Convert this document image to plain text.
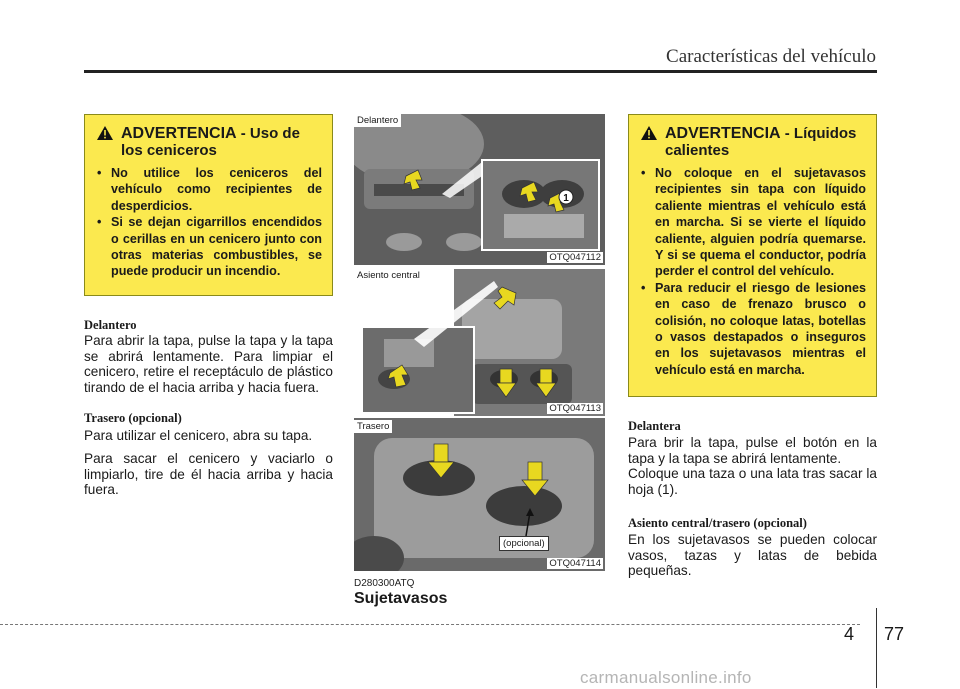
Características del vehículo
ADVERTENCIA - Uso de los ceniceros
• No utilice los ceniceros del vehículo como recipientes de desperdicios.
• Si se dejan cigarrillos encendidos o cerillas en un cenicero junto con otras materias combustibles, se puede producir un incendio.
Delantero
Para abrir la tapa, pulse la tapa y la tapa se abrirá lentamente. Para limpiar el cenicero, retire el receptáculo de plástico tirando de el hacia arriba y hacia fuera.
Trasero (opcional)
Para utilizar el cenicero, abra su tapa.
Para sacar el cenicero y vaciarlo o limpiarlo, tire de él hacia arriba y hacia fuera.
1
Delantero
OTQ047112
Asiento central
OTQ047113
Trasero
(opcional)
OTQ047114
D280300ATQ
Sujetavasos
ADVERTENCIA - Líquidos calientes
• No coloque en el sujetavasos recipientes sin tapa con líquido caliente mientras el vehículo está en marcha. Si se vierte el líquido caliente, alguien podría quemarse. Y si se quema el conductor, podría perder el control del vehículo.
• Para reducir el riesgo de lesiones en caso de frenazo brusco o colisión, no coloque latas, botellas o vasos destapados o inseguros en los sujetavasos mientras el vehículo está en marcha.
Delantera
Para brir la tapa, pulse el botón en la tapa y la tapa se abrirá lentamente.
Coloque una taza o una lata tras sacar la hoja (1).
Asiento central/trasero (opcional)
En los sujetavasos se pueden colocar vasos, tazas y latas de bebida pequeñas.
4 77
carmanualsonline.info
